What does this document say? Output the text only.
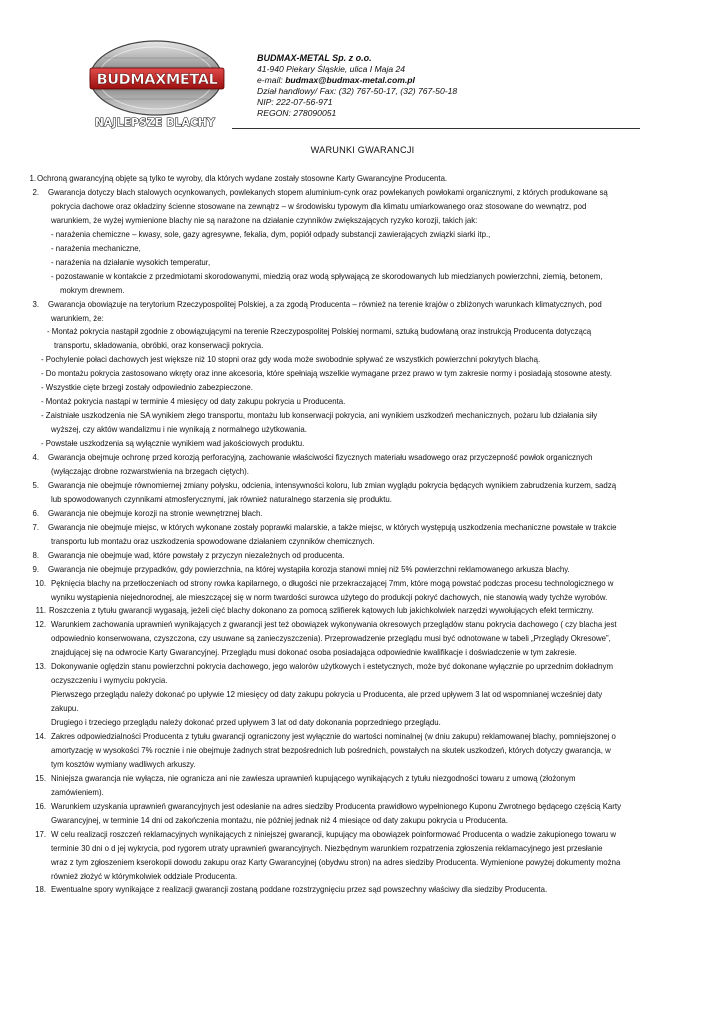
BUDMAXMETAL
NAJLEPSZE BLACHY
BUDMAX-METAL Sp. z o.o.
41-940 Piekary Śląskie, ulica I Maja 24
e-mail: budmax@budmax-metal.com.pl
Dział handlowy/ Fax: (32) 767-50-17, (32) 767-50-18
NIP: 222-07-56-971
REGON: 278090051
WARUNKI GWARANCJI
1. Ochroną gwarancyjną objęte są tylko te wyroby, dla których wydane zostały stosowne Karty Gwarancyjne Producenta.
2. Gwarancja dotyczy blach stalowych ocynkowanych, powlekanych stopem aluminium-cynk oraz powlekanych powłokami organicznymi, z których produkowane są
pokrycia dachowe oraz okładziny ścienne stosowane na zewnątrz – w środowisku typowym dla klimatu umiarkowanego oraz stosowane do wewnątrz, pod
warunkiem, że wyżej wymienione blachy nie są narażone na działanie czynników zwiększających ryzyko korozji, takich jak:
- narażenia chemiczne – kwasy, sole, gazy agresywne, fekalia, dym, popiół odpady substancji zawierających związki siarki itp.,
- narażenia mechaniczne,
- narażenia na działanie wysokich temperatur,
- pozostawanie w kontakcie z przedmiotami skorodowanymi, miedzią oraz wodą spływającą ze skorodowanych lub miedzianych powierzchni, ziemią, betonem,
mokrym drewnem.
3. Gwarancja obowiązuje na terytorium Rzeczypospolitej Polskiej, a za zgodą Producenta – również na terenie krajów o zbliżonych warunkach klimatycznych, pod
warunkiem, że:
- Montaż pokrycia nastąpił zgodnie z obowiązującymi na terenie Rzeczypospolitej Polskiej normami, sztuką budowlaną oraz instrukcją Producenta dotyczącą
transportu, składowania, obróbki, oraz konserwacji pokrycia.
- Pochylenie połaci dachowych jest większe niż 10 stopni oraz gdy woda może swobodnie spływać ze wszystkich powierzchni pokrytych blachą.
- Do montażu pokrycia zastosowano wkręty oraz inne akcesoria, które spełniają wszelkie wymagane przez prawo w tym zakresie normy i posiadają stosowne atesty.
- Wszystkie cięte brzegi zostały odpowiednio zabezpieczone.
- Montaż pokrycia nastąpi w terminie 4 miesięcy od daty zakupu pokrycia u Producenta.
- Zaistniałe uszkodzenia nie SA wynikiem złego transportu, montażu lub konserwacji pokrycia, ani wynikiem uszkodzeń mechanicznych, pożaru lub działania siły
wyższej, czy aktów wandalizmu i nie wynikają z normalnego użytkowania.
- Powstałe uszkodzenia są wyłącznie wynikiem wad jakościowych produktu.
4. Gwarancja obejmuje ochronę przed korozją perforacyjną, zachowanie właściwości fizycznych materiału wsadowego oraz przyczepność powłok organicznych
(wyłączając drobne rozwarstwienia na brzegach ciętych).
5. Gwarancja nie obejmuje równomiernej zmiany połysku, odcienia, intensywności koloru, lub zmian wyglądu pokrycia będących wynikiem zabrudzenia kurzem, sadzą
lub spowodowanych czynnikami atmosferycznymi, jak również naturalnego starzenia się produktu.
6. Gwarancja nie obejmuje korozji na stronie wewnętrznej blach.
7. Gwarancja nie obejmuje miejsc, w których wykonane zostały poprawki malarskie, a także miejsc, w których występują uszkodzenia mechaniczne powstałe w trakcie
transportu lub montażu oraz uszkodzenia spowodowane działaniem czynników chemicznych.
8. Gwarancja nie obejmuje wad, które powstały z przyczyn niezależnych od producenta.
9. Gwarancja nie obejmuje przypadków, gdy powierzchnia, na której wystąpiła korozja stanowi mniej niż 5% powierzchni reklamowanego arkusza blachy.
10. Pęknięcia blachy na przetłoczeniach od strony rowka kapilarnego, o długości nie przekraczającej 7mm, które mogą powstać podczas procesu technologicznego w
wyniku wystąpienia niejednorodnej, ale mieszczącej się w norm twardości surowca użytego do produkcji pokryć dachowych, nie stanowią wady tychże wyrobów.
11. Roszczenia z tytułu gwarancji wygasają, jeżeli cięć blachy dokonano za pomocą szlifierek kątowych lub jakichkolwiek narzędzi wywołujących efekt termiczny.
12. Warunkiem zachowania uprawnień wynikających z gwarancji jest też obowiązek wykonywania okresowych przeglądów stanu pokrycia dachowego ( czy blacha jest
odpowiednio konserwowana, czyszczona, czy usuwane są zanieczyszczenia). Przeprowadzenie przeglądu musi być odnotowane w tabeli „Przeglądy Okresowe”,
znajdującej się na odwrocie Karty Gwarancyjnej. Przeglądu musi dokonać osoba posiadająca odpowiednie kwalifikacje i doświadczenie w tym zakresie.
13. Dokonywanie oględzin stanu powierzchni pokrycia dachowego, jego walorów użytkowych i estetycznych, może być dokonane wyłącznie po uprzednim dokładnym
oczyszczeniu i wymyciu pokrycia.
Pierwszego przeglądu należy dokonać po upływie 12 miesięcy od daty zakupu pokrycia u Producenta, ale przed upływem 3 lat od wspomnianej wcześniej daty
zakupu.
Drugiego i trzeciego przeglądu należy dokonać przed upływem 3 lat od daty dokonania poprzedniego przeglądu.
14. Zakres odpowiedzialności Producenta z tytułu gwarancji ograniczony jest wyłącznie do wartości nominalnej (w dniu zakupu) reklamowanej blachy, pomniejszonej o
amortyzację w wysokości 7% rocznie i nie obejmuje żadnych strat bezpośrednich lub pośrednich, powstałych na skutek uszkodzeń, których dotyczy gwarancja, w
tym kosztów wymiany wadliwych arkuszy.
15. Niniejsza gwarancja nie wyłącza, nie ogranicza ani nie zawiesza uprawnień kupującego wynikających z tytułu niezgodności towaru z umową (złożonym
zamówieniem).
16. Warunkiem uzyskania uprawnień gwarancyjnych jest odesłanie na adres siedziby Producenta prawidłowo wypełnionego Kuponu Zwrotnego będącego częścią Karty
Gwarancyjnej, w terminie 14 dni od zakończenia montażu, nie później jednak niż 4 miesiące od daty zakupu pokrycia u Producenta.
17. W celu realizacji roszczeń reklamacyjnych wynikających z niniejszej gwarancji, kupujący ma obowiązek poinformować Producenta o wadzie zakupionego towaru w
terminie 30 dni o d jej wykrycia, pod rygorem utraty uprawnień gwarancyjnych. Niezbędnym warunkiem rozpatrzenia zgłoszenia reklamacyjnego jest przesłanie
wraz z tym zgłoszeniem kserokopii dowodu zakupu oraz Karty Gwarancyjnej (obydwu stron) na adres siedziby Producenta. Wymienione powyżej dokumenty można
również złożyć w którymkolwiek oddziale Producenta.
18. Ewentualne spory wynikające z realizacji gwarancji zostaną poddane rozstrzygnięciu przez sąd powszechny właściwy dla siedziby Producenta.
